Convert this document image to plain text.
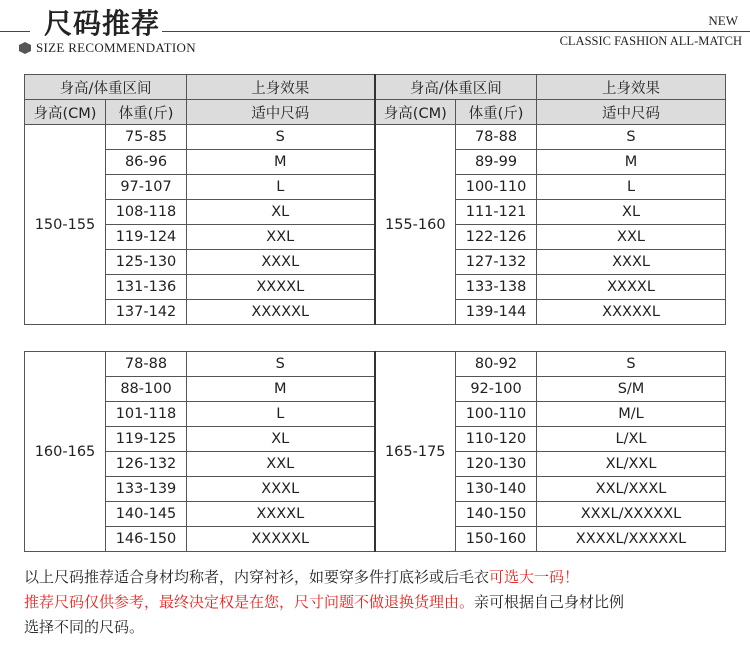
尺码推荐
SIZE RECOMMENDATION
NEW
CLASSIC FASHION ALL-MATCH
身高/体重区间		上身效果	身高/体重区间		上身效果
身高(CM)	体重(斤)	适中尺码	身高(CM)	体重(斤)	适中尺码
150-155	75-85	S	155-160	78-88	S
	86-96	M		89-99	M
	97-107	L		100-110	L
	108-118	XL		111-121	XL
	119-124	XXL		122-126	XXL
	125-130	XXXL		127-132	XXXL
	131-136	XXXXL		133-138	XXXXL
	137-142	XXXXXL		139-144	XXXXXL
160-165	78-88	S	165-175	80-92	S
	88-100	M		92-100	S/M
	101-118	L		100-110	M/L
	119-125	XL		110-120	L/XL
	126-132	XXL		120-130	XL/XXL
	133-139	XXXL		130-140	XXL/XXXL
	140-145	XXXXL		140-150	XXXL/XXXXXL
	146-150	XXXXXL		150-160	XXXXL/XXXXXL
以上尺码推荐适合身材均称者，内穿衬衫，如要穿多件打底衫或后毛衣可选大一码！
推荐尺码仅供参考，最终决定权是在您，尺寸问题不做退换货理由。亲可根据自己身材比例
选择不同的尺码。
